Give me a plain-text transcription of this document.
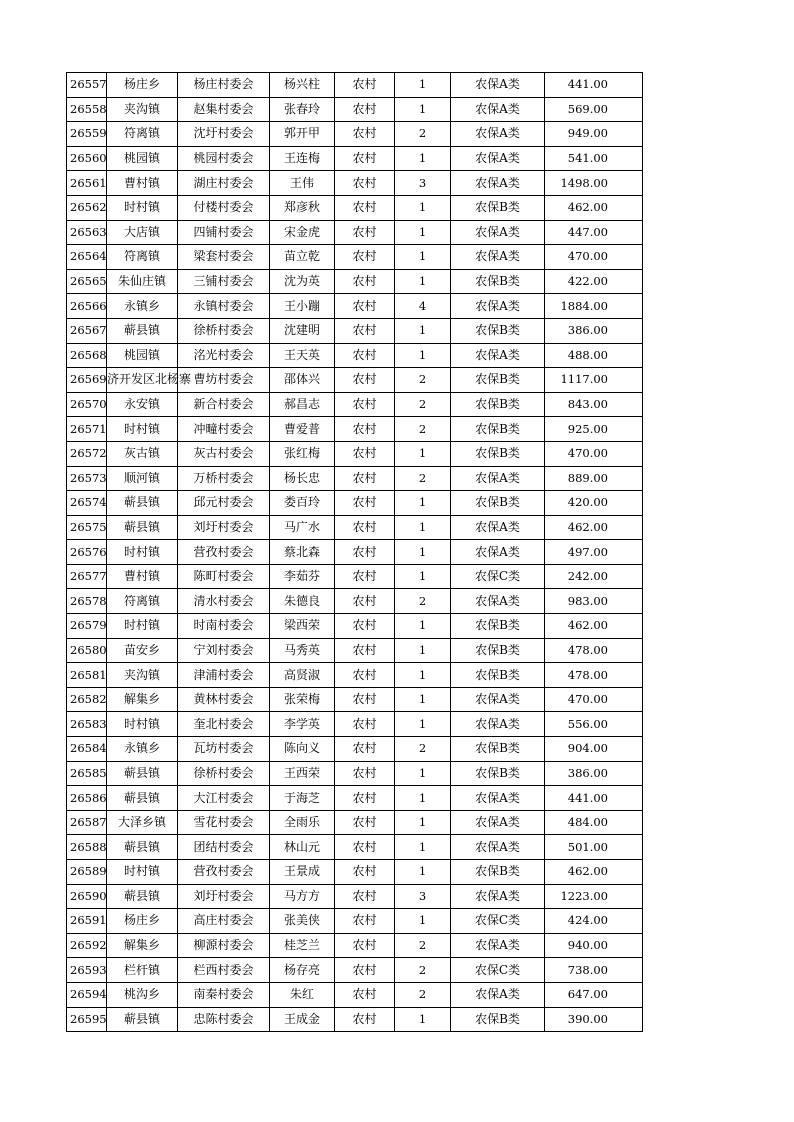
26557	杨庄乡	杨庄村委会	杨兴柱	农村	1	农保A类	441.00
26558	夹沟镇	赵集村委会	张春玲	农村	1	农保A类	569.00
26559	符离镇	沈圩村委会	郭开甲	农村	2	农保A类	949.00
26560	桃园镇	桃园村委会	王连梅	农村	1	农保A类	541.00
26561	曹村镇	湖庄村委会	王伟	农村	3	农保A类	1498.00
26562	时村镇	付楼村委会	郑彦秋	农村	1	农保B类	462.00
26563	大店镇	四铺村委会	宋金虎	农村	1	农保A类	447.00
26564	符离镇	梁套村委会	苗立乾	农村	1	农保A类	470.00
26565	朱仙庄镇	三铺村委会	沈为英	农村	1	农保B类	422.00
26566	永镇乡	永镇村委会	王小蹦	农村	4	农保A类	1884.00
26567	蕲县镇	徐桥村委会	沈建明	农村	1	农保B类	386.00
26568	桃园镇	洺光村委会	王天英	农村	1	农保A类	488.00
26569	济开发区北杨寨	曹坊村委会	邵体兴	农村	2	农保B类	1117.00
26570	永安镇	新合村委会	郝昌志	农村	2	农保B类	843.00
26571	时村镇	冲疃村委会	曹爱普	农村	2	农保B类	925.00
26572	灰古镇	灰古村委会	张红梅	农村	1	农保B类	470.00
26573	顺河镇	万桥村委会	杨长忠	农村	2	农保A类	889.00
26574	蕲县镇	邱元村委会	娄百玲	农村	1	农保B类	420.00
26575	蕲县镇	刘圩村委会	马广水	农村	1	农保A类	462.00
26576	时村镇	营孜村委会	蔡北森	农村	1	农保A类	497.00
26577	曹村镇	陈町村委会	李茹芬	农村	1	农保C类	242.00
26578	符离镇	清水村委会	朱德良	农村	2	农保A类	983.00
26579	时村镇	时南村委会	梁西荣	农村	1	农保B类	462.00
26580	苗安乡	宁刘村委会	马秀英	农村	1	农保B类	478.00
26581	夹沟镇	津浦村委会	高贤淑	农村	1	农保B类	478.00
26582	解集乡	黄林村委会	张荣梅	农村	1	农保A类	470.00
26583	时村镇	奎北村委会	李学英	农村	1	农保A类	556.00
26584	永镇乡	瓦坊村委会	陈向义	农村	2	农保B类	904.00
26585	蕲县镇	徐桥村委会	王西荣	农村	1	农保B类	386.00
26586	蕲县镇	大江村委会	于海芝	农村	1	农保A类	441.00
26587	大泽乡镇	雪花村委会	全雨乐	农村	1	农保A类	484.00
26588	蕲县镇	团结村委会	林山元	农村	1	农保A类	501.00
26589	时村镇	营孜村委会	王景成	农村	1	农保B类	462.00
26590	蕲县镇	刘圩村委会	马方方	农村	3	农保A类	1223.00
26591	杨庄乡	高庄村委会	张美侠	农村	1	农保C类	424.00
26592	解集乡	柳源村委会	桂芝兰	农村	2	农保A类	940.00
26593	栏杆镇	栏西村委会	杨存亮	农村	2	农保C类	738.00
26594	桃沟乡	南秦村委会	朱红	农村	2	农保A类	647.00
26595	蕲县镇	忠陈村委会	王成金	农村	1	农保B类	390.00
